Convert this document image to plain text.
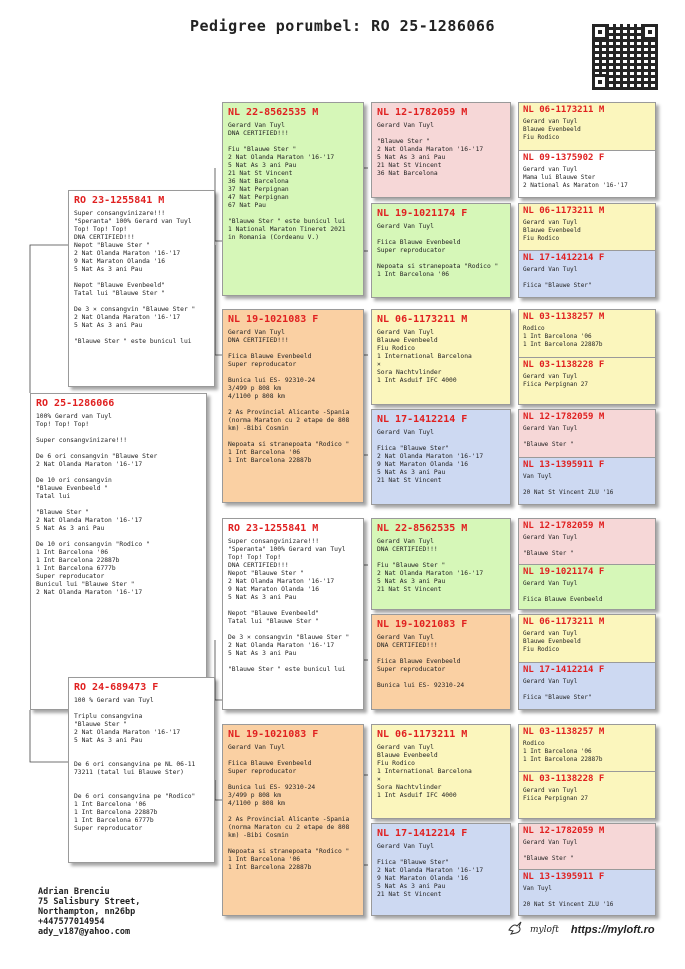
Pedigree porumbel: RO 25-1286066
RO 25-1286066
100% Gerard van Tuyl
Top! Top! Top!
Super consangvinizare!!!
De 6 ori consangvin "Blauwe Ster
2 Nat Olanda Maraton '16-'17
De 10 ori consangvin
"Blauwe Evenbeeld "
Tatal lui
"Blauwe Ster "
2 Nat Olanda Maraton '16-'17
5 Nat As 3 ani Pau
De 10 ori consangvin "Rodico "
1 Int Barcelona '06
1 Int Barcelona 22887b
1 Int Barcelona 6777b
Super reproducator
Bunicul lui "Blauwe Ster "
2 Nat Olanda Maraton '16-'17
RO 23-1255841 M
Super consangvinizare!!!
"Speranta" 100% Gerard van Tuyl
Top! Top! Top!
DNA CERTIFIED!!!
Nepot "Blauwe Ster "
2 Nat Olanda Maraton '16-'17
9 Nat Maraton Olanda '16
5 Nat As 3 ani Pau
Nepot "Blauwe Evenbeeld"
Tatal lui "Blauwe Ster "
De 3 × consangvin "Blauwe Ster "
2 Nat Olanda Maraton '16-'17
5 Nat As 3 ani Pau
"Blauwe Ster " este bunicul lui
RO 24-689473 F
100 % Gerard van Tuyl
Triplu consangvina
"Blauwe Ster "
2 Nat Olanda Maraton '16-'17
5 Nat As 3 ani Pau
De 6 ori consangvina pe NL 06-11
73211 (tatal lui Blauwe Ster)
De 6 ori consangvina pe "Rodico"
1 Int Barcelona '06
1 Int Barcelona 22887b
1 Int Barcelona 6777b
Super reproducator
NL 22-8562535 M
Gerard Van Tuyl
DNA CERTIFIED!!!
Fiu "Blauwe Ster "
2 Nat Olanda Maraton '16-'17
5 Nat As 3 ani Pau
21 Nat St Vincent
36 Nat Barcelona
37 Nat Perpignan
47 Nat Perpignan
67 Nat Pau
"Blauwe Ster " este bunicul lui
1 National Maraton Tineret 2021
in Romania (Cordeanu V.)
NL 19-1021083 F
Gerard Van Tuyl
DNA CERTIFIED!!!
Fiica Blauwe Evenbeeld
Super reproducator
Bunica lui ES- 92310-24
3/499 p 808 km
4/1100 p 808 km
2 As Provincial Alicante -Spania
(norma Maraton cu 2 etape de 808
km) -Bibi Cosmin
Nepoata si stranepoata "Rodico "
1 Int Barcelona '06
1 Int Barcelona 22887b
RO 23-1255841 M
Super consangvinizare!!!
"Speranta" 100% Gerard van Tuyl
Top! Top! Top!
DNA CERTIFIED!!!
Nepot "Blauwe Ster "
2 Nat Olanda Maraton '16-'17
9 Nat Maraton Olanda '16
5 Nat As 3 ani Pau
Nepot "Blauwe Evenbeeld"
Tatal lui "Blauwe Ster "
De 3 × consangvin "Blauwe Ster "
2 Nat Olanda Maraton '16-'17
5 Nat As 3 ani Pau
"Blauwe Ster " este bunicul lui
NL 19-1021083 F
Gerard Van Tuyl
Fiica Blauwe Evenbeeld
Super reproducator
Bunica lui ES- 92310-24
3/499 p 808 km
4/1100 p 808 km
2 As Provincial Alicante -Spania
(norma Maraton cu 2 etape de 808
km) -Bibi Cosmin
Nepoata si stranepoata "Rodico "
1 Int Barcelona '06
1 Int Barcelona 22887b
NL 12-1782059 M
Gerard Van Tuyl
"Blauwe Ster "
2 Nat Olanda Maraton '16-'17
5 Nat As 3 ani Pau
21 Nat St Vincent
36 Nat Barcelona
NL 19-1021174 F
Gerard Van Tuyl
Fiica Blauwe Evenbeeld
Super reproducator
Nepoata si stranepoata "Rodico "
1 Int Barcelona '06
NL 06-1173211 M
Gerard Van Tuyl
Blauwe Evenbeeld
Fiu Rodico
1 International Barcelona
×
Sora Nachtvlinder
1 Int Asduif IFC 4000
NL 17-1412214 F
Gerard Van Tuyl
Fiica "Blauwe Ster"
2 Nat Olanda Maraton '16-'17
9 Nat Maraton Olanda '16
5 Nat As 3 ani Pau
21 Nat St Vincent
NL 22-8562535 M
Gerard Van Tuyl
DNA CERTIFIED!!!
Fiu "Blauwe Ster "
2 Nat Olanda Maraton '16-'17
5 Nat As 3 ani Pau
21 Nat St Vincent
NL 19-1021083 F
Gerard Van Tuyl
DNA CERTIFIED!!!
Fiica Blauwe Evenbeeld
Super reproducator
Bunica lui ES- 92310-24
NL 06-1173211 M
Gerard van Tuyl
Blauwe Evenbeeld
Fiu Rodico
1 International Barcelona
×
Sora Nachtvlinder
1 Int Asduif IFC 4000
NL 17-1412214 F
Gerard Van Tuyl
Fiica "Blauwe Ster"
2 Nat Olanda Maraton '16-'17
9 Nat Maraton Olanda '16
5 Nat As 3 ani Pau
21 Nat St Vincent
NL 06-1173211 M
Gerard van Tuyl
Blauwe Evenbeeld
Fiu Rodico
NL 09-1375902 F
Gerard van Tuyl
Mama lui Blauwe Ster
2 National As Maraton '16-'17
NL 06-1173211 M
Gerard van Tuyl
Blauwe Evenbeeld
Fiu Rodico
NL 17-1412214 F
Gerard Van Tuyl
Fiica "Blauwe Ster"
NL 03-1138257 M
Rodico
1 Int Barcelona '06
1 Int Barcelona 22887b
NL 03-1138228 F
Gerard van Tuyl
Fiica Perpignan 27
NL 12-1782059 M
Gerard Van Tuyl
"Blauwe Ster "
NL 13-1395911 F
Van Tuyl
20 Nat St Vincent ZLU '16
NL 12-1782059 M
Gerard Van Tuyl
"Blauwe Ster "
NL 19-1021174 F
Gerard Van Tuyl
Fiica Blauwe Evenbeeld
NL 06-1173211 M
Gerard van Tuyl
Blauwe Evenbeeld
Fiu Rodico
NL 17-1412214 F
Gerard Van Tuyl
Fiica "Blauwe Ster"
NL 03-1138257 M
Rodico
1 Int Barcelona '06
1 Int Barcelona 22887b
NL 03-1138228 F
Gerard van Tuyl
Fiica Perpignan 27
NL 12-1782059 M
Gerard Van Tuyl
"Blauwe Ster "
NL 13-1395911 F
Van Tuyl
20 Nat St Vincent ZLU '16
Adrian Brenciu
75 Salisbury Street,
Northampton, nn26bp
+447577014954
ady_v187@yahoo.com	myloft https://myloft.ro
